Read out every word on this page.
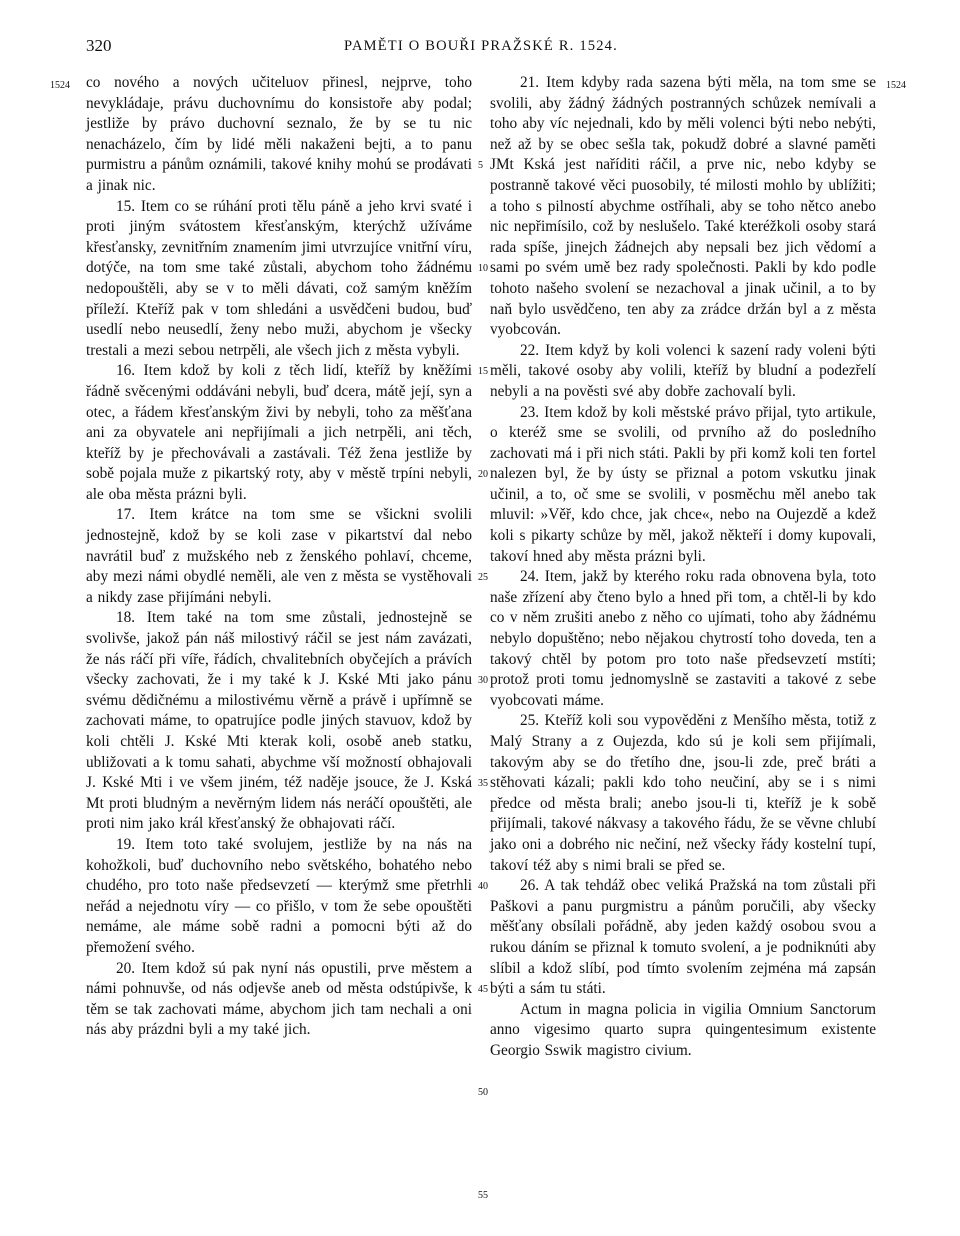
320	PAMĚTI O BOUŘI PRAŽSKÉ R. 1524.
1524	1524
5
10
15
20
25
30
35
40
45
50
55

co nového a nových učiteluov přinesl, nejprve, toho nevykládaje, právu duchovnímu do konsistoře aby podal; jestliže by právo duchovní seznalo, že by se tu nic nenacházelo, čím by lidé měli nakaženi bejti, a to panu purmistru a pánům oznámili, takové knihy mohú se prodávati a jinak nic.

15. Item co se rúhání proti tělu páně a jeho krvi svaté i proti jiným svátostem křesťanským, kterýchž užíváme křesťansky, zevnitřním znamením jimi utvrzujíce vnitřní víru, dotýče, na tom sme také zůstali, abychom toho žádnému nedopouštěli, aby se v to měli dávati, což samým kněžím příleží. Kteříž pak v tom shledáni a usvědčeni budou, buď usedlí nebo neusedlí, ženy nebo muži, abychom je všecky trestali a mezi sebou netrpěli, ale všech jich z města vybyli.

16. Item kdož by koli z těch lidí, kteříž by kněžími řádně svěcenými oddáváni nebyli, buď dcera, mátě její, syn a otec, a řádem křesťanským živi by nebyli, toho za měšťana ani za obyvatele ani nepřijímali a jich netrpěli, ani těch, kteříž by je přechovávali a zastávali. Též žena jestliže by sobě pojala muže z pikartský roty, aby v městě trpíni nebyli, ale oba města prázni byli.

17. Item krátce na tom sme se všickni svolili jednostejně, kdož by se koli zase v pikartství dal nebo navrátil buď z mužského neb z ženského pohlaví, chceme, aby mezi námi obydlé neměli, ale ven z města se vystěhovali a nikdy zase přijímáni nebyli.

18. Item také na tom sme zůstali, jednostejně se svolivše, jakož pán náš milostivý ráčil se jest nám zavázati, že nás ráčí při víře, řádích, chvalitebních obyčejích a právích všecky zachovati, že i my také k J. Kské Mti jako pánu svému dědičnému a milostivému věrně a právě i upřímně se zachovati máme, to opatrujíce podle jiných stavuov, kdož by koli chtěli J. Kské Mti kterak koli, osobě aneb statku, ubližovati a k tomu sahati, abychme vší možností obhajovali J. Kské Mti i ve všem jiném, též naděje jsouce, že J. Kská Mt proti bludným a nevěrným lidem nás neráčí opouštěti, ale proti nim jako král křesťanský že obhajovati ráčí.

19. Item toto také svolujem, jestliže by na nás na kohožkoli, buď duchovního nebo světského, bohatého nebo chudého, pro toto naše předsevzetí — kterýmž sme přetrhli neřád a nejednotu víry — co přišlo, v tom že sebe opouštěti nemáme, ale máme sobě radni a pomocni býti až do přemožení svého.

20. Item kdož sú pak nyní nás opustili, prve městem a námi pohnuvše, od nás odjevše aneb od města odstúpivše, k těm se tak zachovati máme, abychom jich tam nechali a oni nás aby prázdni byli a my také jich.

21. Item kdyby rada sazena býti měla, na tom sme se svolili, aby žádný žádných postranných schůzek nemívali a toho aby víc nejednali, kdo by měli volenci býti nebo nebýti, než až by se obec sešla tak, pokudž dobré a slavné paměti JMt Kská jest naříditi ráčil, a prve nic, nebo kdyby se postranně takové věci puosobily, té milosti mohlo by ublížiti; a toho s pilností abychme ostříhali, aby se toho nětco anebo nic nepřimísilo, což by neslušelo. Také kteréžkoli osoby stará rada spíše, jinejch žádnejch aby nepsali bez jich vědomí a sami po svém umě bez rady společnosti. Pakli by kdo podle tohoto našeho svolení se nezachoval a jinak učinil, a to by naň bylo usvědčeno, ten aby za zrádce držán byl a z města vyobcován.

22. Item když by koli volenci k sazení rady voleni býti měli, takové osoby aby volili, kteříž by bludní a podezřelí nebyli a na pověsti své aby dobře zachovalí byli.

23. Item kdož by koli městské právo přijal, tyto artikule, o kteréž sme se svolili, od prvního až do posledního zachovati má i při nich státi. Pakli by při komž koli ten fortel nalezen byl, že by ústy se přiznal a potom vskutku jinak učinil, a to, oč sme se svolili, v posměchu měl anebo tak mluvil: »Věř, kdo chce, jak chce«, nebo na Oujezdě a kdež koli s pikarty schůze by měl, jakož někteří i domy kupovali, takoví hned aby města prázni byli.

24. Item, jakž by kterého roku rada obnovena byla, toto naše zřízení aby čteno bylo a hned při tom, a chtěl-li by kdo co v něm zrušiti anebo z něho co ujímati, toho aby žádnému nebylo dopuštěno; nebo nějakou chytrostí toho doveda, ten a takový chtěl by potom pro toto naše předsevzetí mstíti; protož proti tomu jednomyslně se zastaviti a takové z sebe vyobcovati máme.

25. Kteříž koli sou vypověděni z Menšího města, totiž z Malý Strany a z Oujezda, kdo sú je koli sem přijímali, takovým aby se do třetího dne, jsou-li zde, preč bráti a stěhovati kázali; pakli kdo toho neučiní, aby se i s nimi předce od města brali; anebo jsou-li ti, kteříž je k sobě přijímali, takové nákvasy a takového řádu, že se věvne chlubí jako oni a dobrého nic nečiní, než všecky řády kostelní tupí, takoví též aby s nimi brali se před se.

26. A tak tehdáž obec veliká Pražská na tom zůstali při Paškovi a panu purgmistru a pánům poručili, aby všecky měšťany obsílali pořádně, aby jeden každý osobou svou a rukou dáním se přiznal k tomuto svolení, a je podniknúti aby slíbil a kdož slíbí, pod tímto svolením zejména má zapsán býti a sám tu státi.

Actum in magna policia in vigilia Omnium Sanctorum anno vigesimo quarto supra quingentesimum existente Georgio Sswik magistro civium.
